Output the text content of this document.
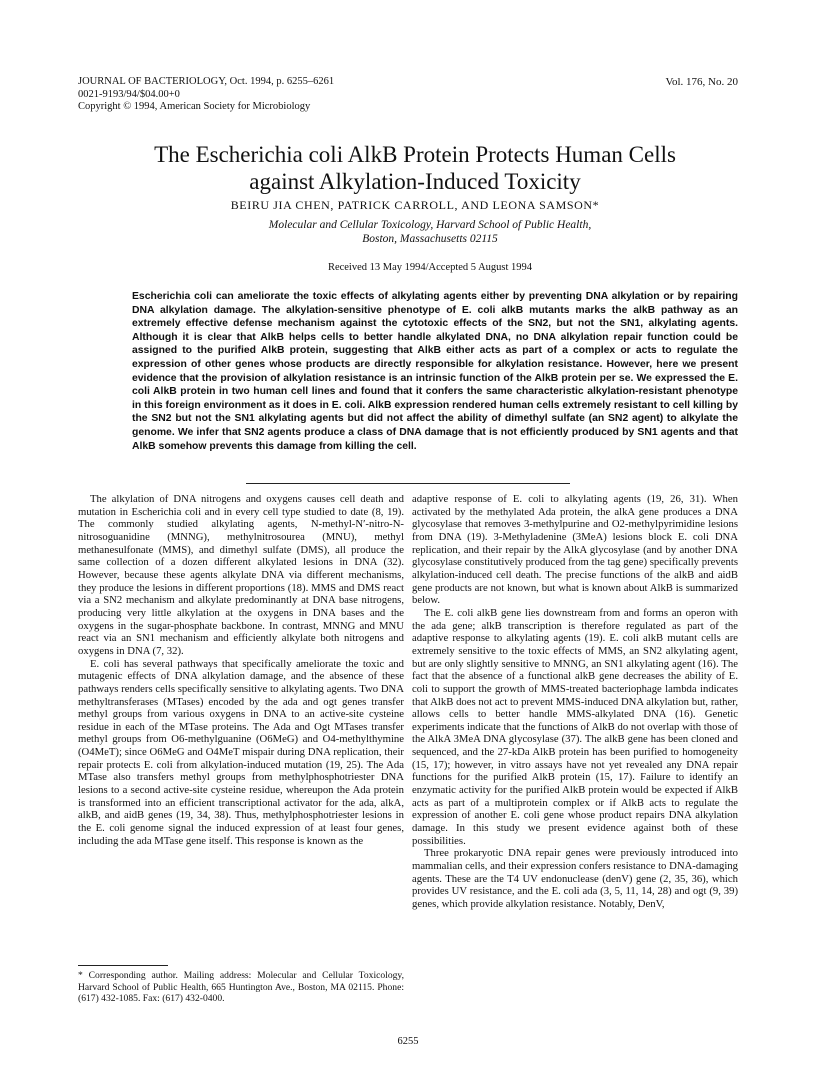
JOURNAL OF BACTERIOLOGY, Oct. 1994, p. 6255–6261
0021-9193/94/$04.00+0
Copyright © 1994, American Society for Microbiology
Vol. 176, No. 20
The Escherichia coli AlkB Protein Protects Human Cells
against Alkylation-Induced Toxicity
BEIRU JIA CHEN, PATRICK CARROLL, AND LEONA SAMSON*
Molecular and Cellular Toxicology, Harvard School of Public Health,
Boston, Massachusetts 02115
Received 13 May 1994/Accepted 5 August 1994
Escherichia coli can ameliorate the toxic effects of alkylating agents either by preventing DNA alkylation or by repairing DNA alkylation damage. The alkylation-sensitive phenotype of E. coli alkB mutants marks the alkB pathway as an extremely effective defense mechanism against the cytotoxic effects of the SN2, but not the SN1, alkylating agents. Although it is clear that AlkB helps cells to better handle alkylated DNA, no DNA alkylation repair function could be assigned to the purified AlkB protein, suggesting that AlkB either acts as part of a complex or acts to regulate the expression of other genes whose products are directly responsible for alkylation resistance. However, here we present evidence that the provision of alkylation resistance is an intrinsic function of the AlkB protein per se. We expressed the E. coli AlkB protein in two human cell lines and found that it confers the same characteristic alkylation-resistant phenotype in this foreign environment as it does in E. coli. AlkB expression rendered human cells extremely resistant to cell killing by the SN2 but not the SN1 alkylating agents but did not affect the ability of dimethyl sulfate (an SN2 agent) to alkylate the genome. We infer that SN2 agents produce a class of DNA damage that is not efficiently produced by SN1 agents and that AlkB somehow prevents this damage from killing the cell.

The alkylation of DNA nitrogens and oxygens causes cell death and mutation in Escherichia coli and in every cell type studied to date (8, 19). The commonly studied alkylating agents, N-methyl-N′-nitro-N-nitrosoguanidine (MNNG), methylnitrosourea (MNU), methyl methanesulfonate (MMS), and dimethyl sulfate (DMS), all produce the same collection of a dozen different alkylated lesions in DNA (32). However, because these agents alkylate DNA via different mechanisms, they produce the lesions in different proportions (18). MMS and DMS react via a SN2 mechanism and alkylate predominantly at DNA base nitrogens, producing very little alkylation at the oxygens in DNA bases and the oxygens in the sugar-phosphate backbone. In contrast, MNNG and MNU react via an SN1 mechanism and efficiently alkylate both nitrogens and oxygens in DNA (7, 32).

E. coli has several pathways that specifically ameliorate the toxic and mutagenic effects of DNA alkylation damage, and the absence of these pathways renders cells specifically sensitive to alkylating agents. Two DNA methyltransferases (MTases) encoded by the ada and ogt genes transfer methyl groups from various oxygens in DNA to an active-site cysteine residue in each of the MTase proteins. The Ada and Ogt MTases transfer methyl groups from O6-methylguanine (O6MeG) and O4-methylthymine (O4MeT); since O6MeG and O4MeT mispair during DNA replication, their repair protects E. coli from alkylation-induced mutation (19, 25). The Ada MTase also transfers methyl groups from methylphosphotriester DNA lesions to a second active-site cysteine residue, whereupon the Ada protein is transformed into an efficient transcriptional activator for the ada, alkA, alkB, and aidB genes (19, 34, 38). Thus, methylphosphotriester lesions in the E. coli genome signal the induced expression of at least four genes, including the ada MTase gene itself. This response is known as the

adaptive response of E. coli to alkylating agents (19, 26, 31). When activated by the methylated Ada protein, the alkA gene produces a DNA glycosylase that removes 3-methylpurine and O2-methylpyrimidine lesions from DNA (19). 3-Methyladenine (3MeA) lesions block E. coli DNA replication, and their repair by the AlkA glycosylase (and by another DNA glycosylase constitutively produced from the tag gene) specifically prevents alkylation-induced cell death. The precise functions of the alkB and aidB gene products are not known, but what is known about AlkB is summarized below.

The E. coli alkB gene lies downstream from and forms an operon with the ada gene; alkB transcription is therefore regulated as part of the adaptive response to alkylating agents (19). E. coli alkB mutant cells are extremely sensitive to the toxic effects of MMS, an SN2 alkylating agent, but are only slightly sensitive to MNNG, an SN1 alkylating agent (16). The fact that the absence of a functional alkB gene decreases the ability of E. coli to support the growth of MMS-treated bacteriophage lambda indicates that AlkB does not act to prevent MMS-induced DNA alkylation but, rather, allows cells to better handle MMS-alkylated DNA (16). Genetic experiments indicate that the functions of AlkB do not overlap with those of the AlkA 3MeA DNA glycosylase (37). The alkB gene has been cloned and sequenced, and the 27-kDa AlkB protein has been purified to homogeneity (15, 17); however, in vitro assays have not yet revealed any DNA repair functions for the purified AlkB protein (15, 17). Failure to identify an enzymatic activity for the purified AlkB protein would be expected if AlkB acts as part of a multiprotein complex or if AlkB acts to regulate the expression of another E. coli gene whose product repairs DNA alkylation damage. In this study we present evidence against both of these possibilities.

Three prokaryotic DNA repair genes were previously introduced into mammalian cells, and their expression confers resistance to DNA-damaging agents. These are the T4 UV endonuclease (denV) gene (2, 35, 36), which provides UV resistance, and the E. coli ada (3, 5, 11, 14, 28) and ogt (9, 39) genes, which provide alkylation resistance. Notably, DenV,

* Corresponding author. Mailing address: Molecular and Cellular Toxicology, Harvard School of Public Health, 665 Huntington Ave., Boston, MA 02115. Phone: (617) 432-1085. Fax: (617) 432-0400.
6255
